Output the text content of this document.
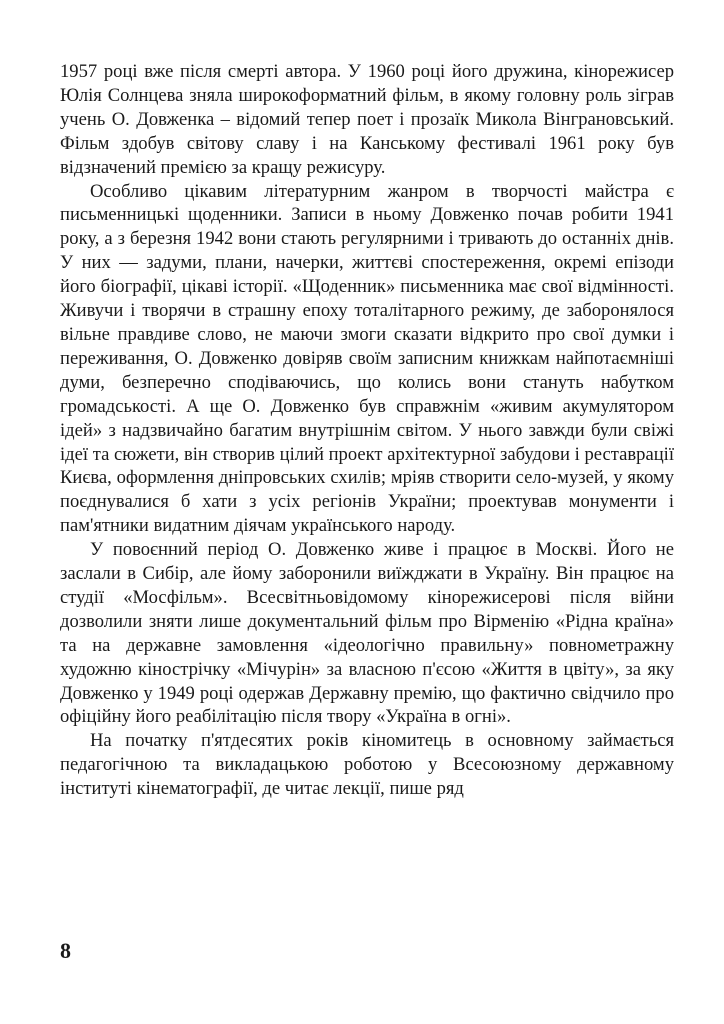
1957 році вже після смерті автора. У 1960 році його дружина, кінорежисер Юлія Солнцева зняла широкоформатний фільм, в якому головну роль зіграв учень О. Довженка – відомий тепер поет і прозаїк Микола Вінграновський. Фільм здобув світову славу і на Канському фестивалі 1961 року був відзначений премією за кращу режисуру.

Особливо цікавим літературним жанром в творчості майстра є письменницькі щоденники. Записи в ньому Довженко почав робити 1941 року, а з березня 1942 вони стають регулярними і тривають до останніх днів. У них — задуми, плани, начерки, життєві спостереження, окремі епізоди його біографії, цікаві історії. «Щоденник» письменника має свої відмінності. Живучи і творячи в страшну епоху тоталітарного режиму, де заборонялося вільне правдиве слово, не маючи змоги сказати відкрито про свої думки і переживання, О. Довженко довіряв своїм записним книжкам найпотаємніші думи, безперечно сподіваючись, що колись вони стануть набутком громадськості. А ще О. Довженко був справжнім «живим акумулятором ідей» з надзвичайно багатим внутрішнім світом. У нього завжди були свіжі ідеї та сюжети, він створив цілий проект архітектурної забудови і реставрації Києва, оформлення дніпровських схилів; мріяв створити село-музей, у якому поєднувалися б хати з усіх регіонів України; проектував монументи і пам'ятники видатним діячам українського народу.

У повоєнний період О. Довженко живе і працює в Москві. Його не заслали в Сибір, але йому заборонили виїжджати в Україну. Він працює на студії «Мосфільм». Всесвітньовідомому кінорежисерові після війни дозволили зняти лише документальний фільм про Вірменію «Рідна країна» та на державне замовлення «ідеологічно правильну» повнометражну художню кінострічку «Мічурін» за власною п'єсою «Життя в цвіту», за яку Довженко у 1949 році одержав Державну премію, що фактично свідчило про офіційну його реабілітацію після твору «Україна в огні».

На початку п'ятдесятих років кіномитець в основному займається педагогічною та викладацькою роботою у Всесоюзному державному інституті кінематографії, де читає лекції, пише ряд

8
